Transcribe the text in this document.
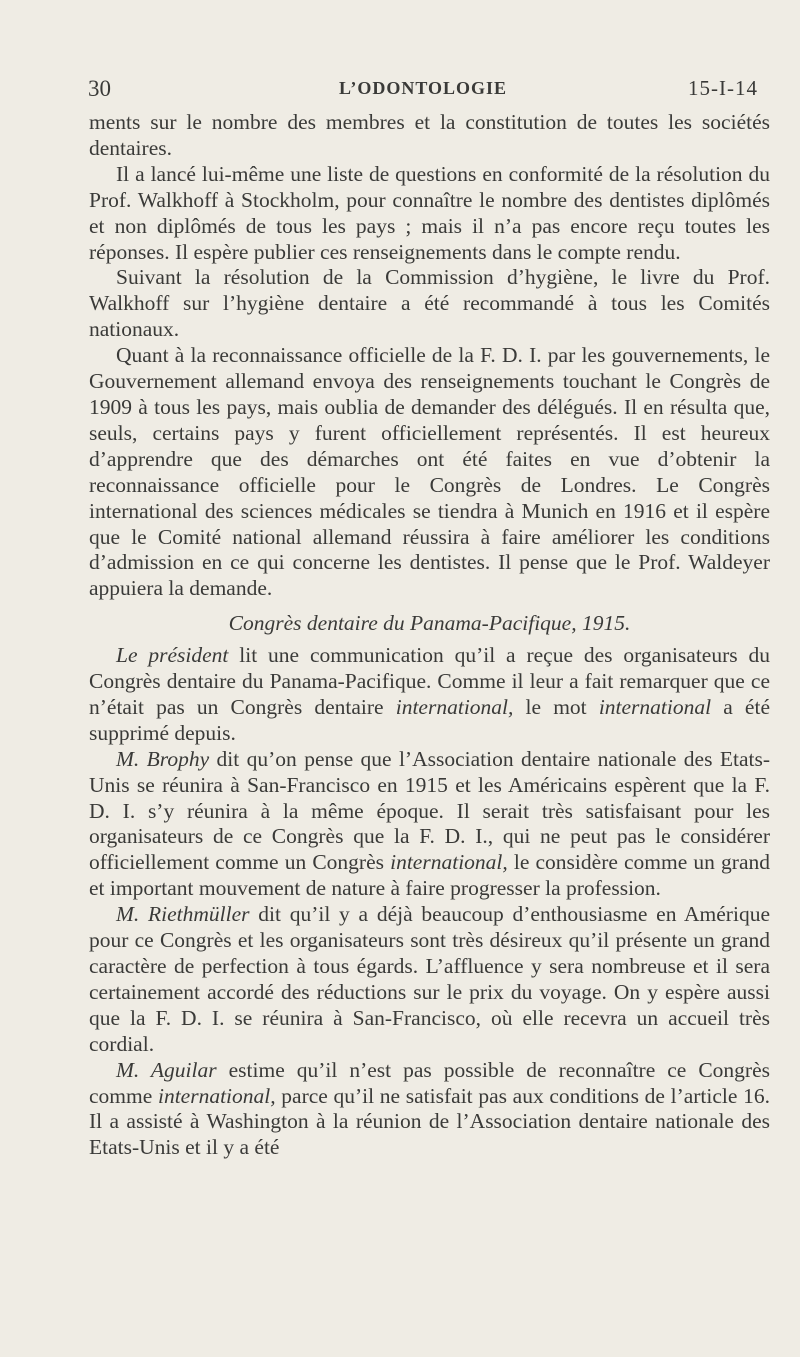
30	L’ODONTOLOGIE	15-I-14

ments sur le nombre des membres et la constitution de toutes les sociétés dentaires.

Il a lancé lui-même une liste de questions en conformité de la résolution du Prof. Walkhoff à Stockholm, pour connaître le nombre des dentistes diplômés et non diplômés de tous les pays ; mais il n’a pas encore reçu toutes les réponses. Il espère publier ces renseignements dans le compte rendu.

Suivant la résolution de la Commission d’hygiène, le livre du Prof. Walkhoff sur l’hygiène dentaire a été recommandé à tous les Comités nationaux.

Quant à la reconnaissance officielle de la F. D. I. par les gouvernements, le Gouvernement allemand envoya des renseignements touchant le Congrès de 1909 à tous les pays, mais oublia de demander des délégués. Il en résulta que, seuls, certains pays y furent officiellement représentés. Il est heureux d’apprendre que des démarches ont été faites en vue d’obtenir la reconnaissance officielle pour le Congrès de Londres. Le Congrès international des sciences médicales se tiendra à Munich en 1916 et il espère que le Comité national allemand réussira à faire améliorer les conditions d’admission en ce qui concerne les dentistes. Il pense que le Prof. Waldeyer appuiera la demande.

Congrès dentaire du Panama-Pacifique, 1915.

Le président lit une communication qu’il a reçue des organisateurs du Congrès dentaire du Panama-Pacifique. Comme il leur a fait remarquer que ce n’était pas un Congrès dentaire international, le mot international a été supprimé depuis.

M. Brophy dit qu’on pense que l’Association dentaire nationale des Etats-Unis se réunira à San-Francisco en 1915 et les Américains espèrent que la F. D. I. s’y réunira à la même époque. Il serait très satisfaisant pour les organisateurs de ce Congrès que la F. D. I., qui ne peut pas le considérer officiellement comme un Congrès international, le considère comme un grand et important mouvement de nature à faire progresser la profession.

M. Riethmüller dit qu’il y a déjà beaucoup d’enthousiasme en Amérique pour ce Congrès et les organisateurs sont très désireux qu’il présente un grand caractère de perfection à tous égards. L’affluence y sera nombreuse et il sera certainement accordé des réductions sur le prix du voyage. On y espère aussi que la F. D. I. se réunira à San-Francisco, où elle recevra un accueil très cordial.

M. Aguilar estime qu’il n’est pas possible de reconnaître ce Congrès comme international, parce qu’il ne satisfait pas aux conditions de l’article 16. Il a assisté à Washington à la réunion de l’Association dentaire nationale des Etats-Unis et il y a été
